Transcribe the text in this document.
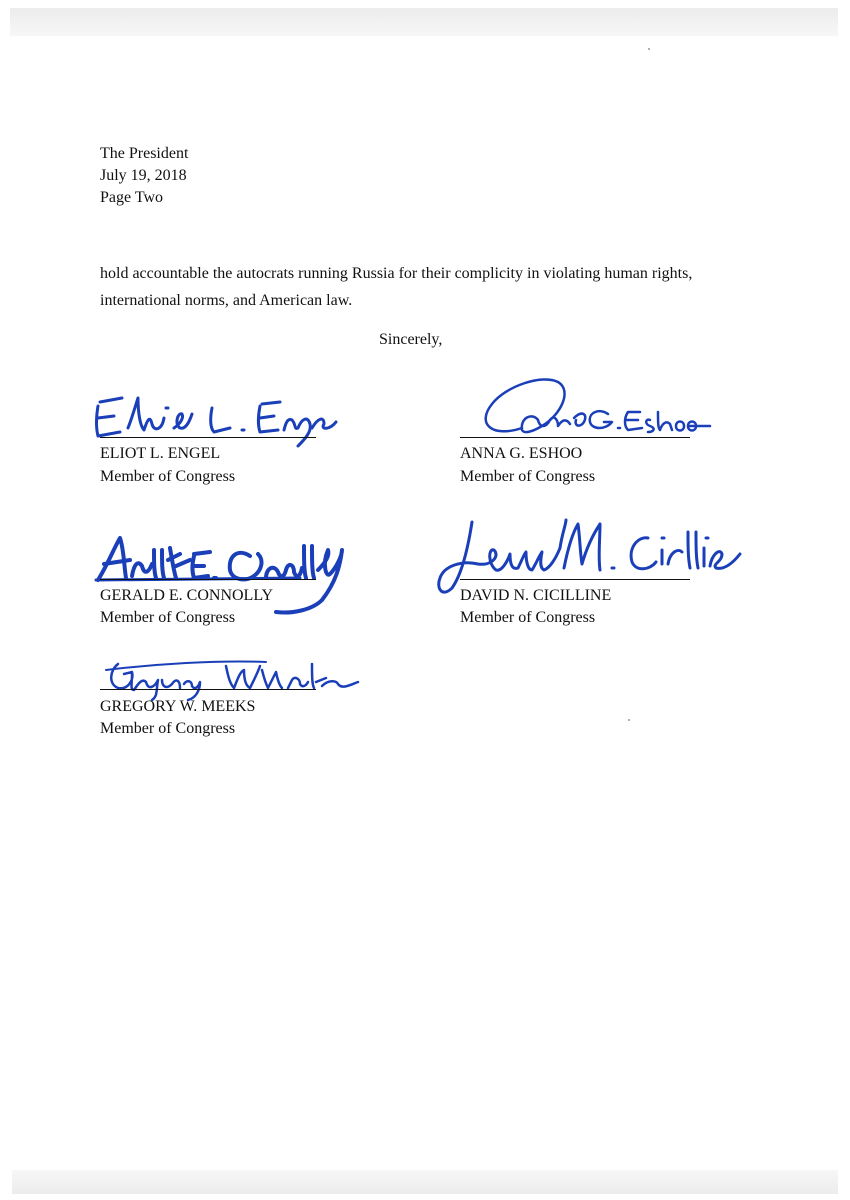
The President
July 19, 2018
Page Two
hold accountable the autocrats running Russia for their complicity in violating human rights,
international norms, and American law.
Sincerely,
ELIOT L. ENGEL
Member of Congress
ANNA G. ESHOO
Member of Congress
GERALD E. CONNOLLY
Member of Congress
DAVID N. CICILLINE
Member of Congress
GREGORY W. MEEKS
Member of Congress
